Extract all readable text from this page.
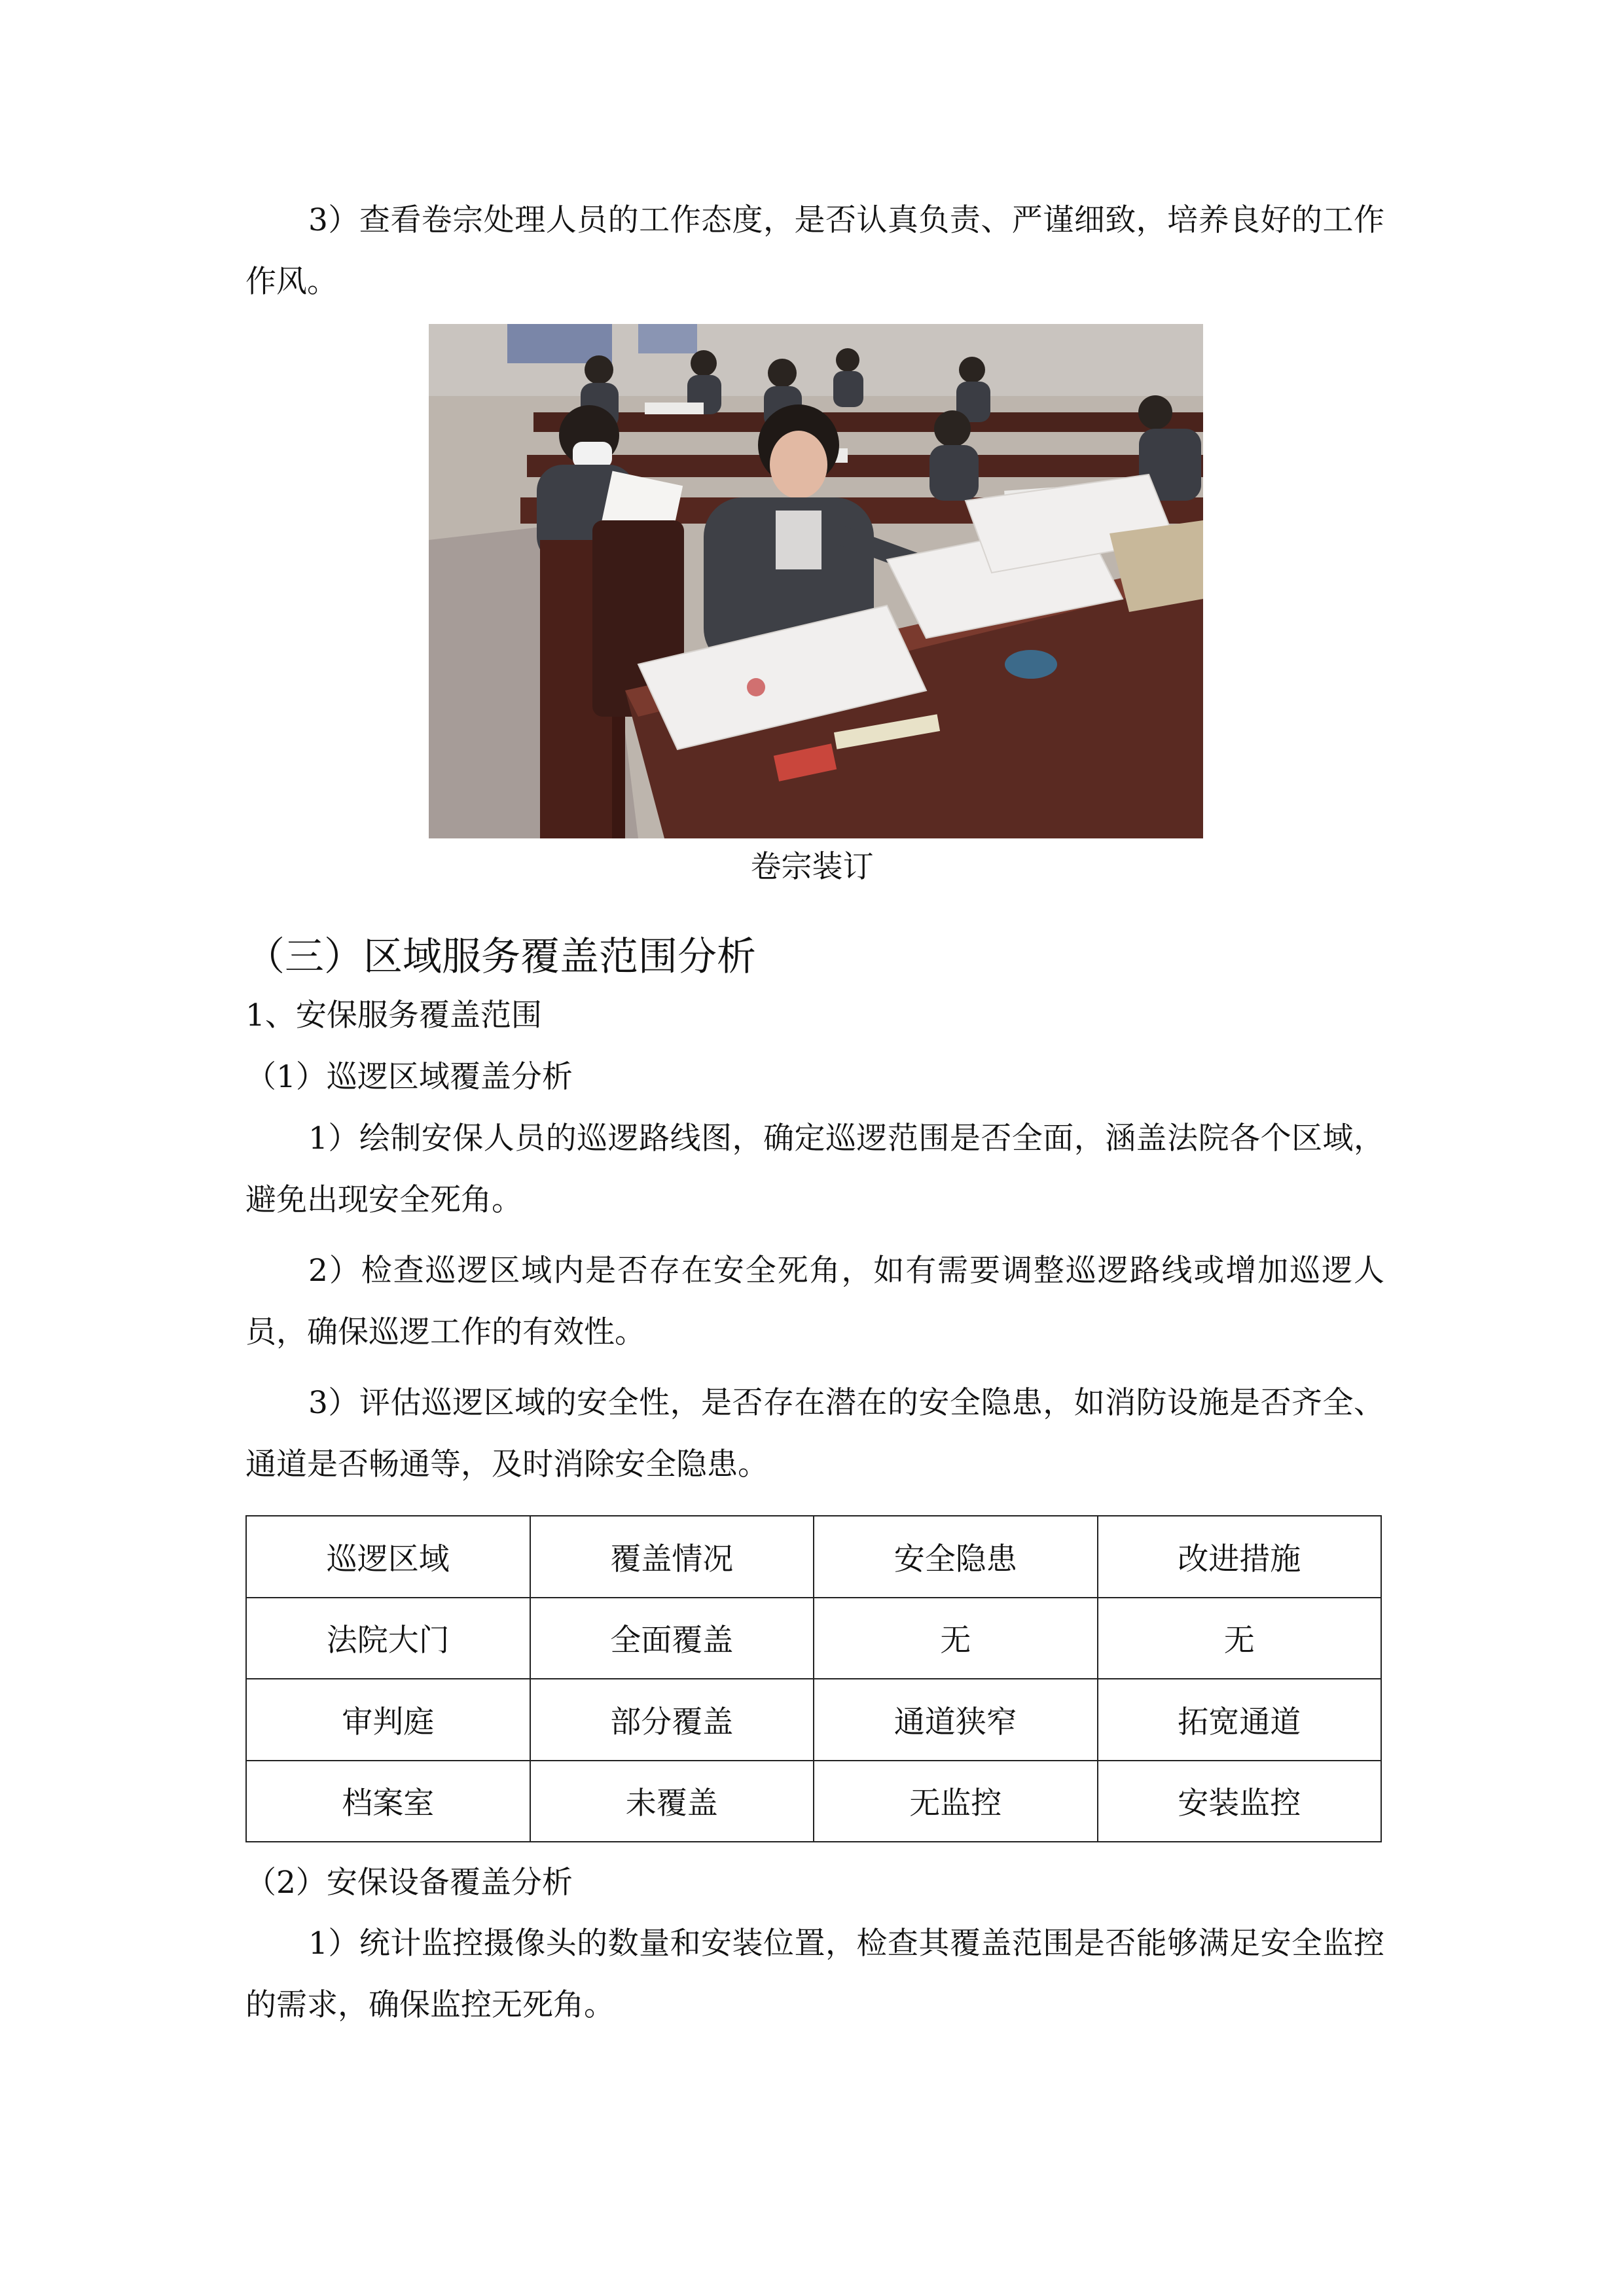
3）查看卷宗处理人员的工作态度，是否认真负责、严谨细致，培养良好的工作作风。

卷宗装订

（三）区域服务覆盖范围分析

1、安保服务覆盖范围

（1）巡逻区域覆盖分析

1）绘制安保人员的巡逻路线图，确定巡逻范围是否全面，涵盖法院各个区域，避免出现安全死角。

2）检查巡逻区域内是否存在安全死角，如有需要调整巡逻路线或增加巡逻人员，确保巡逻工作的有效性。

3）评估巡逻区域的安全性，是否存在潜在的安全隐患，如消防设施是否齐全、通道是否畅通等，及时消除安全隐患。

巡逻区域	覆盖情况	安全隐患	改进措施
法院大门	全面覆盖	无	无
审判庭	部分覆盖	通道狭窄	拓宽通道
档案室	未覆盖	无监控	安装监控

（2）安保设备覆盖分析

1）统计监控摄像头的数量和安装位置，检查其覆盖范围是否能够满足安全监控的需求，确保监控无死角。
